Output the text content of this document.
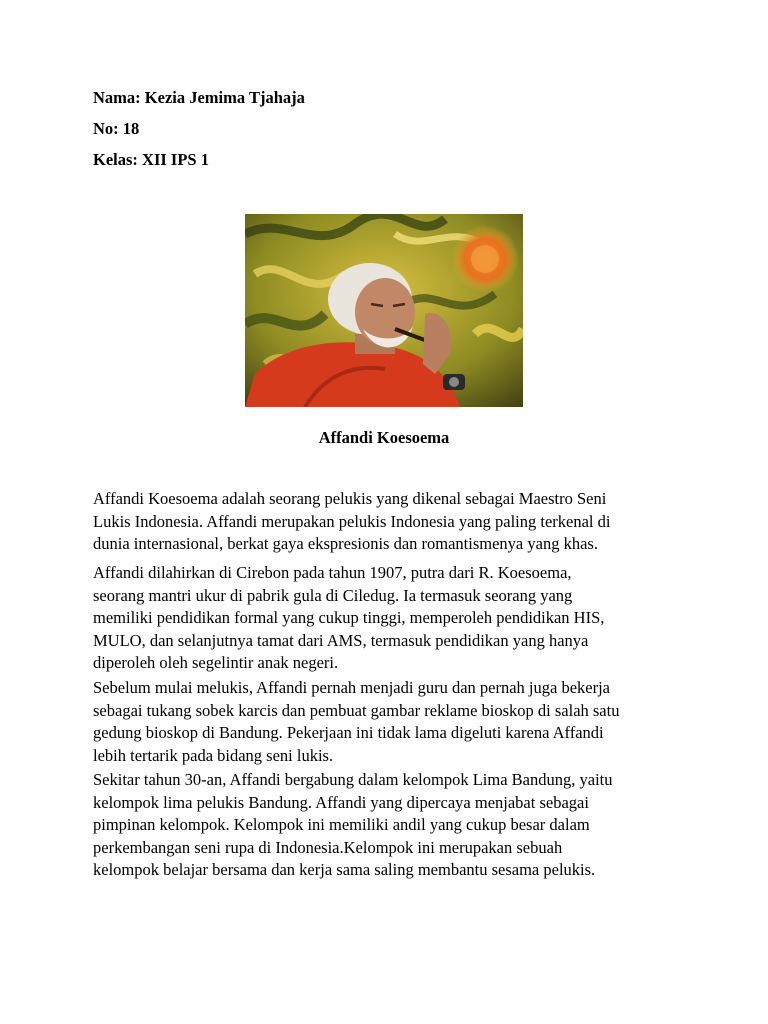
Nama: Kezia Jemima Tjahaja
No: 18
Kelas: XII IPS 1
Affandi Koesoema

Affandi Koesoema adalah seorang pelukis yang dikenal sebagai Maestro Seni
Lukis Indonesia. Affandi merupakan pelukis Indonesia yang paling terkenal di
dunia internasional, berkat gaya ekspresionis dan romantismenya yang khas.

Affandi dilahirkan di Cirebon pada tahun 1907, putra dari R. Koesoema,
seorang mantri ukur di pabrik gula di Ciledug. Ia termasuk seorang yang
memiliki pendidikan formal yang cukup tinggi, memperoleh pendidikan HIS,
MULO, dan selanjutnya tamat dari AMS, termasuk pendidikan yang hanya
diperoleh oleh segelintir anak negeri.

Sebelum mulai melukis, Affandi pernah menjadi guru dan pernah juga bekerja
sebagai tukang sobek karcis dan pembuat gambar reklame bioskop di salah satu
gedung bioskop di Bandung. Pekerjaan ini tidak lama digeluti karena Affandi
lebih tertarik pada bidang seni lukis.

Sekitar tahun 30-an, Affandi bergabung dalam kelompok Lima Bandung, yaitu
kelompok lima pelukis Bandung. Affandi yang dipercaya menjabat sebagai
pimpinan kelompok. Kelompok ini memiliki andil yang cukup besar dalam
perkembangan seni rupa di Indonesia.Kelompok ini merupakan sebuah
kelompok belajar bersama dan kerja sama saling membantu sesama pelukis.
